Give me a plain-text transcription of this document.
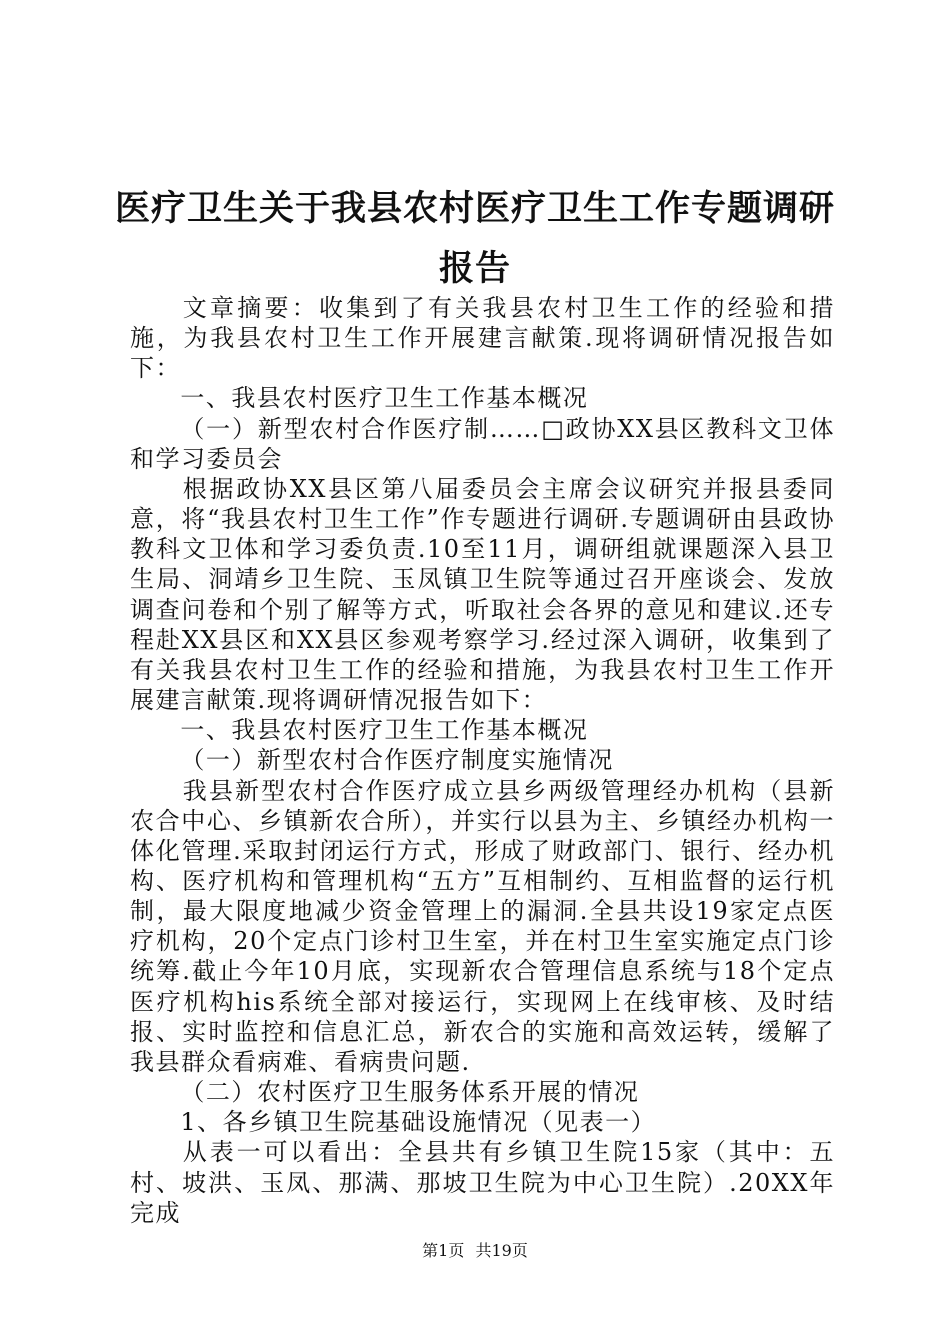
医疗卫生关于我县农村医疗卫生工作专题调研
报告

文章摘要：收集到了有关我县农村卫生工作的经验和措施，为我县农村卫生工作开展建言献策.现将调研情况报告如下：

一、我县农村医疗卫生工作基本概况

（一）新型农村合作医疗制……□政协XX县区教科文卫体和学习委员会

根据政协XX县区第八届委员会主席会议研究并报县委同意，将“我县农村卫生工作”作专题进行调研.专题调研由县政协教科文卫体和学习委负责.10至11月，调研组就课题深入县卫生局、洞靖乡卫生院、玉凤镇卫生院等通过召开座谈会、发放调查问卷和个别了解等方式，听取社会各界的意见和建议.还专程赴XX县区和XX县区参观考察学习.经过深入调研，收集到了有关我县农村卫生工作的经验和措施，为我县农村卫生工作开展建言献策.现将调研情况报告如下：

一、我县农村医疗卫生工作基本概况

（一）新型农村合作医疗制度实施情况

我县新型农村合作医疗成立县乡两级管理经办机构（县新农合中心、乡镇新农合所），并实行以县为主、乡镇经办机构一体化管理.采取封闭运行方式，形成了财政部门、银行、经办机构、医疗机构和管理机构“五方”互相制约、互相监督的运行机制，最大限度地减少资金管理上的漏洞.全县共设19家定点医疗机构，20个定点门诊村卫生室，并在村卫生室实施定点门诊统筹.截止今年10月底，实现新农合管理信息系统与18个定点医疗机构his系统全部对接运行，实现网上在线审核、及时结报、实时监控和信息汇总，新农合的实施和高效运转，缓解了我县群众看病难、看病贵问题.

（二）农村医疗卫生服务体系开展的情况

1、各乡镇卫生院基础设施情况（见表一）

从表一可以看出：全县共有乡镇卫生院15家（其中：五村、坡洪、玉凤、那满、那坡卫生院为中心卫生院）.20XX年完成

第1页 共19页
